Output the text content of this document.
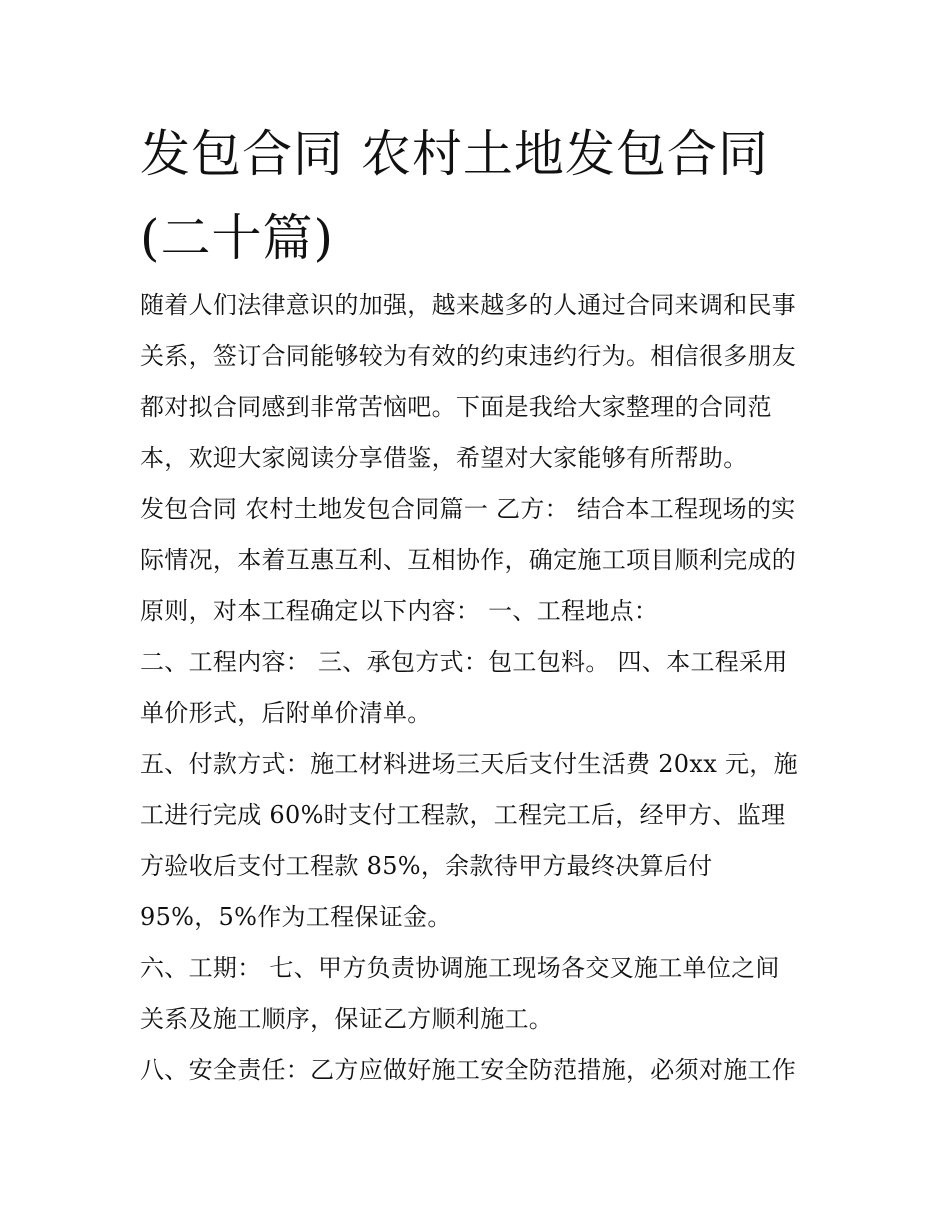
发包合同 农村土地发包合同
(二十篇)
随着人们法律意识的加强，越来越多的人通过合同来调和民事
关系，签订合同能够较为有效的约束违约行为。相信很多朋友
都对拟合同感到非常苦恼吧。下面是我给大家整理的合同范
本，欢迎大家阅读分享借鉴，希望对大家能够有所帮助。
发包合同 农村土地发包合同篇一 乙方： 结合本工程现场的实
际情况，本着互惠互利、互相协作，确定施工项目顺利完成的
原则，对本工程确定以下内容： 一、工程地点：
二、工程内容： 三、承包方式：包工包料。 四、本工程采用
单价形式，后附单价清单。
五、付款方式：施工材料进场三天后支付生活费 20xx 元，施
工进行完成 60%时支付工程款，工程完工后，经甲方、监理
方验收后支付工程款 85%，余款待甲方最终决算后付
95%，5%作为工程保证金。
六、工期： 七、甲方负责协调施工现场各交叉施工单位之间
关系及施工顺序，保证乙方顺利施工。
八、安全责任：乙方应做好施工安全防范措施，必须对施工作
